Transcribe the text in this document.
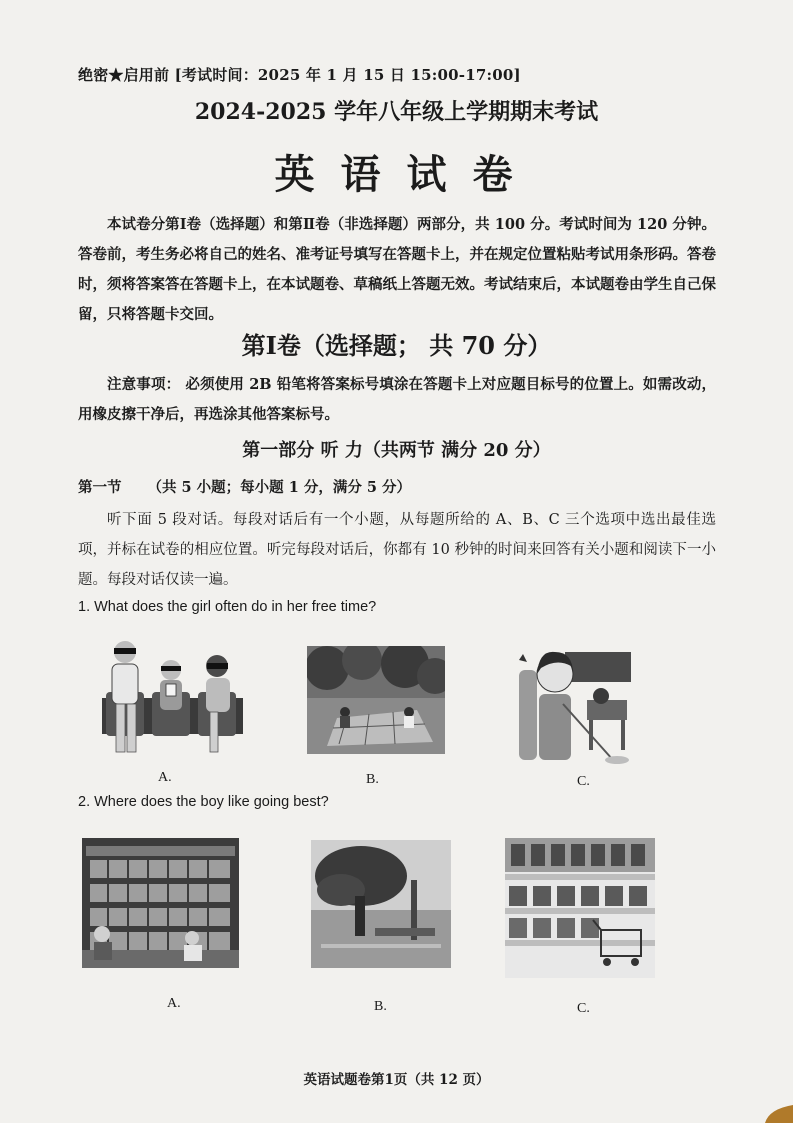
绝密★启用前 [考试时间：2025 年 1 月 15 日 15:00-17:00]
2024-2025 学年八年级上学期期末考试
英语试卷
本试卷分第Ⅰ卷（选择题）和第Ⅱ卷（非选择题）两部分，共 100 分。考试时间为 120 分钟。答卷前，考生务必将自己的姓名、准考证号填写在答题卡上，并在规定位置粘贴考试用条形码。答卷时，须将答案答在答题卡上，在本试题卷、草稿纸上答题无效。考试结束后，本试题卷由学生自己保留，只将答题卡交回。
第Ⅰ卷（选择题； 共 70 分）
注意事项： 必须使用 2B 铅笔将答案标号填涂在答题卡上对应题目标号的位置上。如需改动，用橡皮擦干净后，再选涂其他答案标号。
第一部分 听 力（共两节 满分 20 分）
第一节 （共 5 小题；每小题 1 分，满分 5 分）
听下面 5 段对话。每段对话后有一个小题，从每题所给的 A、B、C 三个选项中选出最佳选项，并标在试卷的相应位置。听完每段对话后，你都有 10 秒钟的时间来回答有关小题和阅读下一小题。每段对话仅读一遍。
1. What does the girl often do in her free time?
A.	B.	C.
2. Where does the boy like going best?
A.	B.	C.
英语试题卷第1页（共 12 页）
